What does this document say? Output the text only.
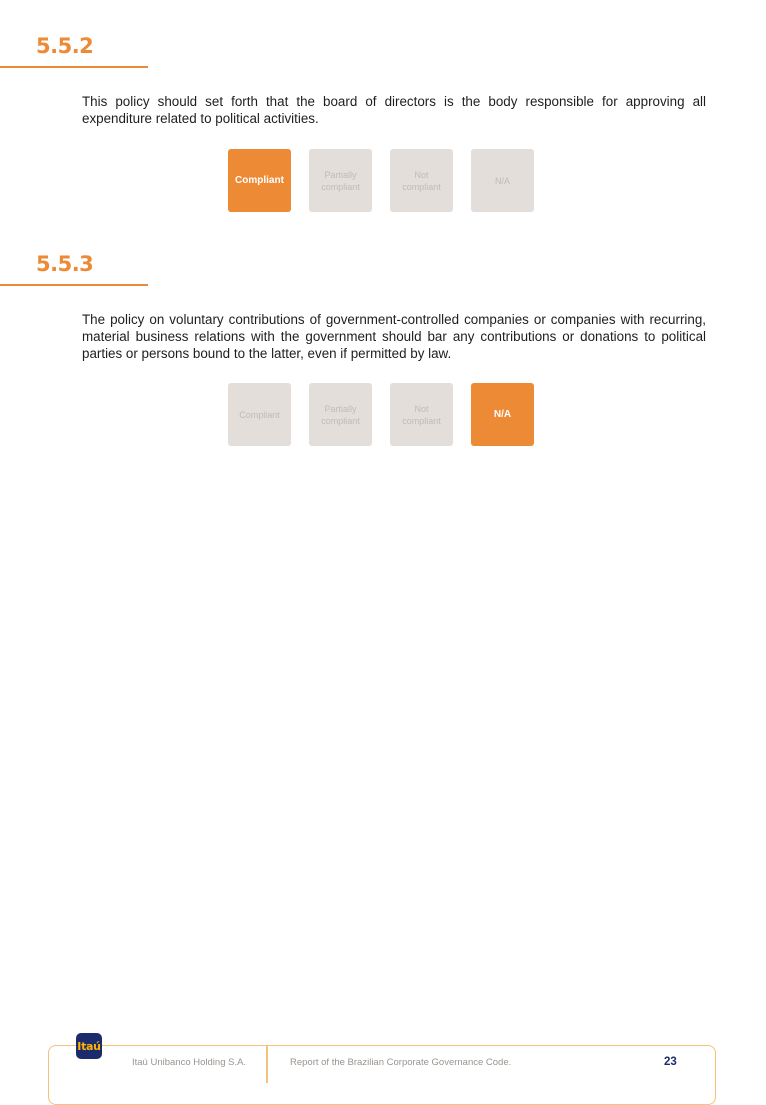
5.5.2
This policy should set forth that the board of directors is the body responsible for approving all expenditure related to political activities.
Compliant	Partially compliant
Not compliant
N/A
5.5.3
The policy on voluntary contributions of government-controlled companies or companies with recurring, material business relations with the government should bar any contributions or donations to political parties or persons bound to the latter, even if permitted by law.
Compliant
Partially compliant
Not compliant
N/A
Itaú
Itaú Unibanco Holding S.A.	Report of the Brazilian Corporate Governance Code.	23
